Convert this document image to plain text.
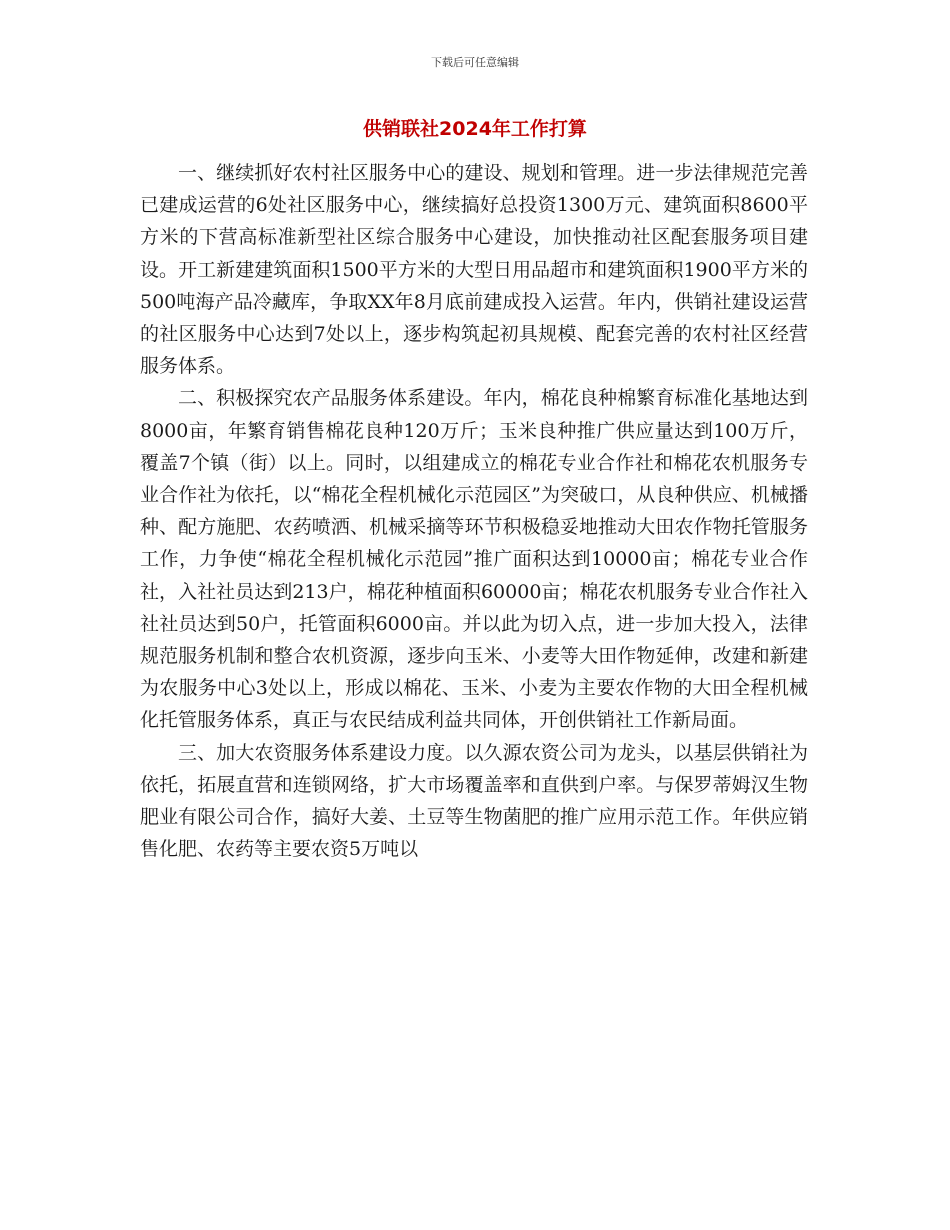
下载后可任意编辑
供销联社2024年工作打算

一、继续抓好农村社区服务中心的建设、规划和管理。进一步法律规范完善已建成运营的6处社区服务中心，继续搞好总投资1300万元、建筑面积8600平方米的下营高标准新型社区综合服务中心建设，加快推动社区配套服务项目建设。开工新建建筑面积1500平方米的大型日用品超市和建筑面积1900平方米的500吨海产品冷藏库，争取XX年8月底前建成投入运营。年内，供销社建设运营的社区服务中心达到7处以上，逐步构筑起初具规模、配套完善的农村社区经营服务体系。

二、积极探究农产品服务体系建设。年内，棉花良种棉繁育标准化基地达到8000亩，年繁育销售棉花良种120万斤；玉米良种推广供应量达到100万斤，覆盖7个镇（街）以上。同时，以组建成立的棉花专业合作社和棉花农机服务专业合作社为依托，以“棉花全程机械化示范园区”为突破口，从良种供应、机械播种、配方施肥、农药喷洒、机械采摘等环节积极稳妥地推动大田农作物托管服务工作，力争使“棉花全程机械化示范园”推广面积达到10000亩；棉花专业合作社，入社社员达到213户，棉花种植面积60000亩；棉花农机服务专业合作社入社社员达到50户，托管面积6000亩。并以此为切入点，进一步加大投入，法律规范服务机制和整合农机资源，逐步向玉米、小麦等大田作物延伸，改建和新建为农服务中心3处以上，形成以棉花、玉米、小麦为主要农作物的大田全程机械化托管服务体系，真正与农民结成利益共同体，开创供销社工作新局面。

三、加大农资服务体系建设力度。以久源农资公司为龙头，以基层供销社为依托，拓展直营和连锁网络，扩大市场覆盖率和直供到户率。与保罗蒂姆汉生物肥业有限公司合作，搞好大姜、土豆等生物菌肥的推广应用示范工作。年供应销售化肥、农药等主要农资5万吨以
